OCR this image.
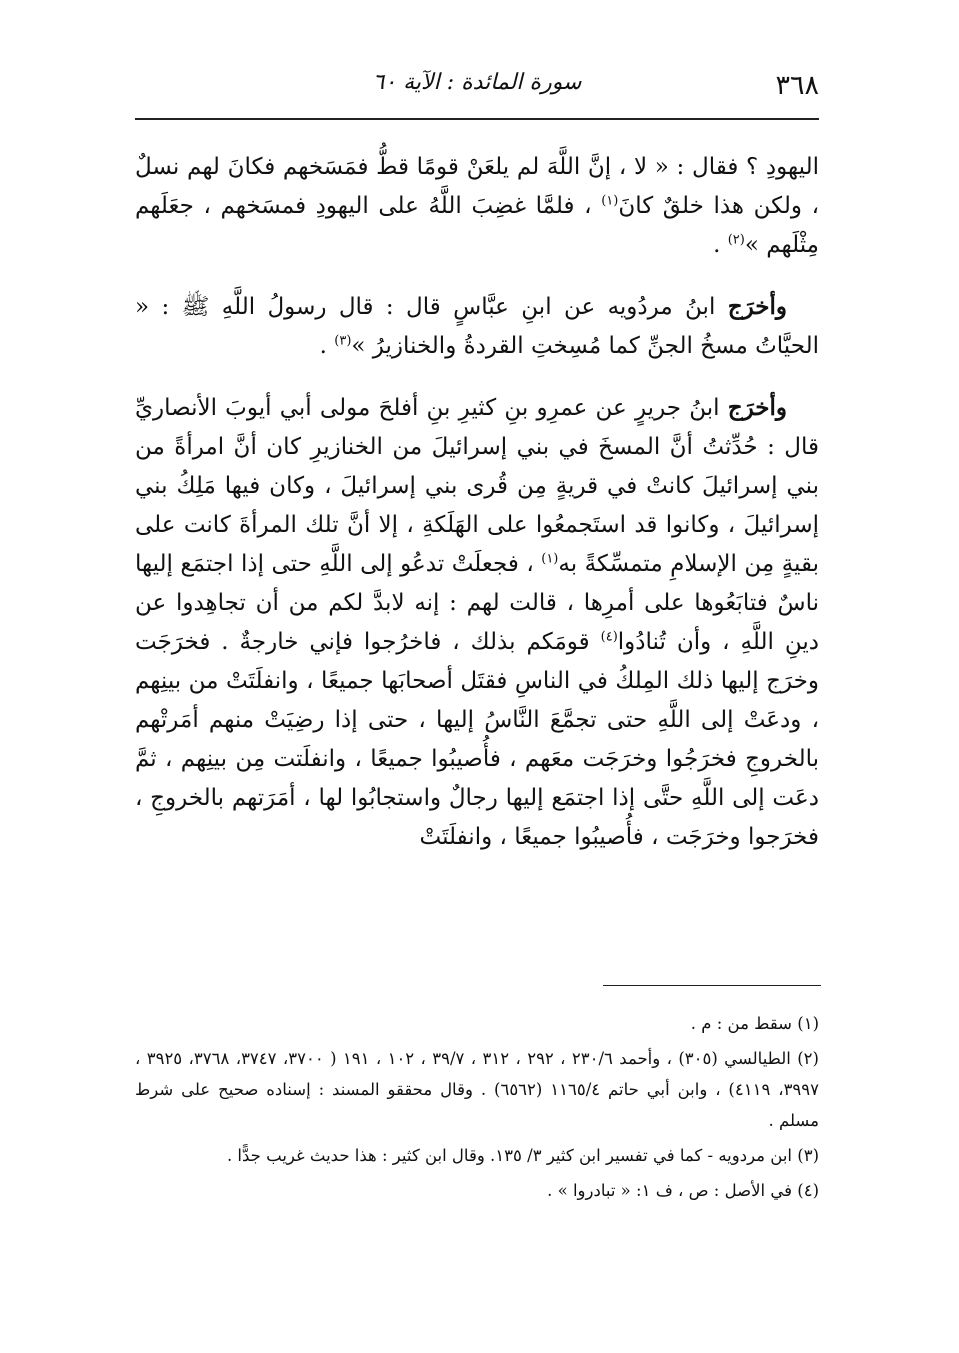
٣٦٨
سورة المائدة : الآية ٦٠

اليهودِ ؟ فقال : « لا ، إنَّ اللَّهَ لم يلعَنْ قومًا قطُّ فمَسَخهم فكانَ لهم نسلٌ ، ولكن هذا خلقٌ كانَ$^{(١)}$ ، فلمَّا غضِبَ اللَّهُ على اليهودِ فمسَخهم ، جعَلَهم مِثْلَهم »$^{(٢)}$ .

وأخرَج ابنُ مردُويه عن ابنِ عبَّاسٍ قال : قال رسولُ اللَّهِ ﷺ : « الحيَّاتُ مسخُ الجنِّ كما مُسِختِ القردةُ والخنازيرُ »$^{(٣)}$ .

وأخرَج ابنُ جريرٍ عن عمرِو بنِ كثيرِ بنِ أفلحَ مولى أبي أيوبَ الأنصاريِّ قال : حُدِّثتُ أنَّ المسخَ في بني إسرائيلَ من الخنازيرِ كان أنَّ امرأةً من بني إسرائيلَ كانتْ في قريةٍ مِن قُرى بني إسرائيلَ ، وكان فيها مَلِكُ بني إسرائيلَ ، وكانوا قد استَجمعُوا على الهَلَكةِ ، إلا أنَّ تلك المرأةَ كانت على بقيةٍ مِن الإسلامِ متمسِّكةً به$^{(١)}$ ، فجعلَتْ تدعُو إلى اللَّهِ حتى إذا اجتمَع إليها ناسٌ فتابَعُوها على أمرِها ، قالت لهم : إنه لابدَّ لكم من أن تجاهِدوا عن دينِ اللَّهِ ، وأن تُنادُوا$^{(٤)}$ قومَكم بذلك ، فاخرُجوا فإني خارجةٌ . فخرَجَت وخرَج إليها ذلك المِلكُ في الناسِ فقتَل أصحابَها جميعًا ، وانفلَتَتْ من بينِهم ، ودعَتْ إلى اللَّهِ حتى تجمَّعَ النَّاسُ إليها ، حتى إذا رضِيَتْ منهم أمَرتْهم بالخروجِ فخرَجُوا وخرَجَت معَهم ، فأُصيبُوا جميعًا ، وانفلَتت مِن بينِهم ، ثمَّ دعَت إلى اللَّهِ حتَّى إذا اجتمَع إليها رجالٌ واستجابُوا لها ، أمَرَتهم بالخروجِ ، فخرَجوا وخرَجَت ، فأُصيبُوا جميعًا ، وانفلَتَتْ

(١) سقط من : م .
(٢) الطيالسي (٣٠٥) ، وأحمد ٢٣٠/٦ ، ٢٩٢ ، ٣١٢ ، ٣٩/٧ ، ١٠٢ ، ١٩١ ( ٣٧٠٠، ٣٧٤٧، ٣٧٦٨، ٣٩٢٥ ، ٣٩٩٧، ٤١١٩) ، وابن أبي حاتم ١١٦٥/٤ (٦٥٦٢) . وقال محققو المسند : إسناده صحيح على شرط مسلم .
(٣) ابن مردويه - كما في تفسير ابن كثير ٣/ ١٣٥. وقال ابن كثير : هذا حديث غريب جدًّا .
(٤) في الأصل : ص ، ف ١: « تبادروا » .
